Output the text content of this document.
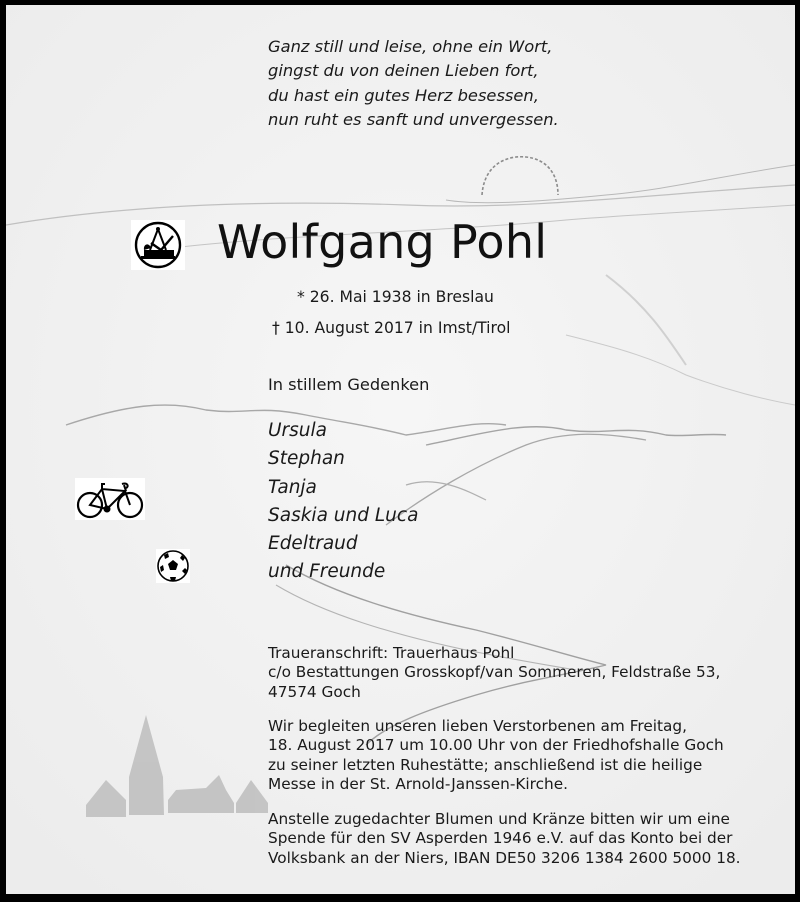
Ganz still und leise, ohne ein Wort,
gingst du von deinen Lieben fort,
du hast ein gutes Herz besessen,
nun ruht es sanft und unvergessen.
Wolfgang Pohl
* 26. Mai 1938 in Breslau
† 10. August 2017 in Imst/Tirol
In stillem Gedenken
Ursula
Stephan
Tanja
Saskia und Luca
Edeltraud
und Freunde
Traueranschrift: Trauerhaus Pohl
c/o Bestattungen Grosskopf/van Sommeren, Feldstraße 53,
47574 Goch
Wir begleiten unseren lieben Verstorbenen am Freitag,
18. August 2017 um 10.00 Uhr von der Friedhofshalle Goch
zu seiner letzten Ruhestätte; anschließend ist die heilige
Messe in der St. Arnold-Janssen-Kirche.
Anstelle zugedachter Blumen und Kränze bitten wir um eine
Spende für den SV Asperden 1946 e.V. auf das Konto bei der
Volksbank an der Niers, IBAN DE50 3206 1384 2600 5000 18.
